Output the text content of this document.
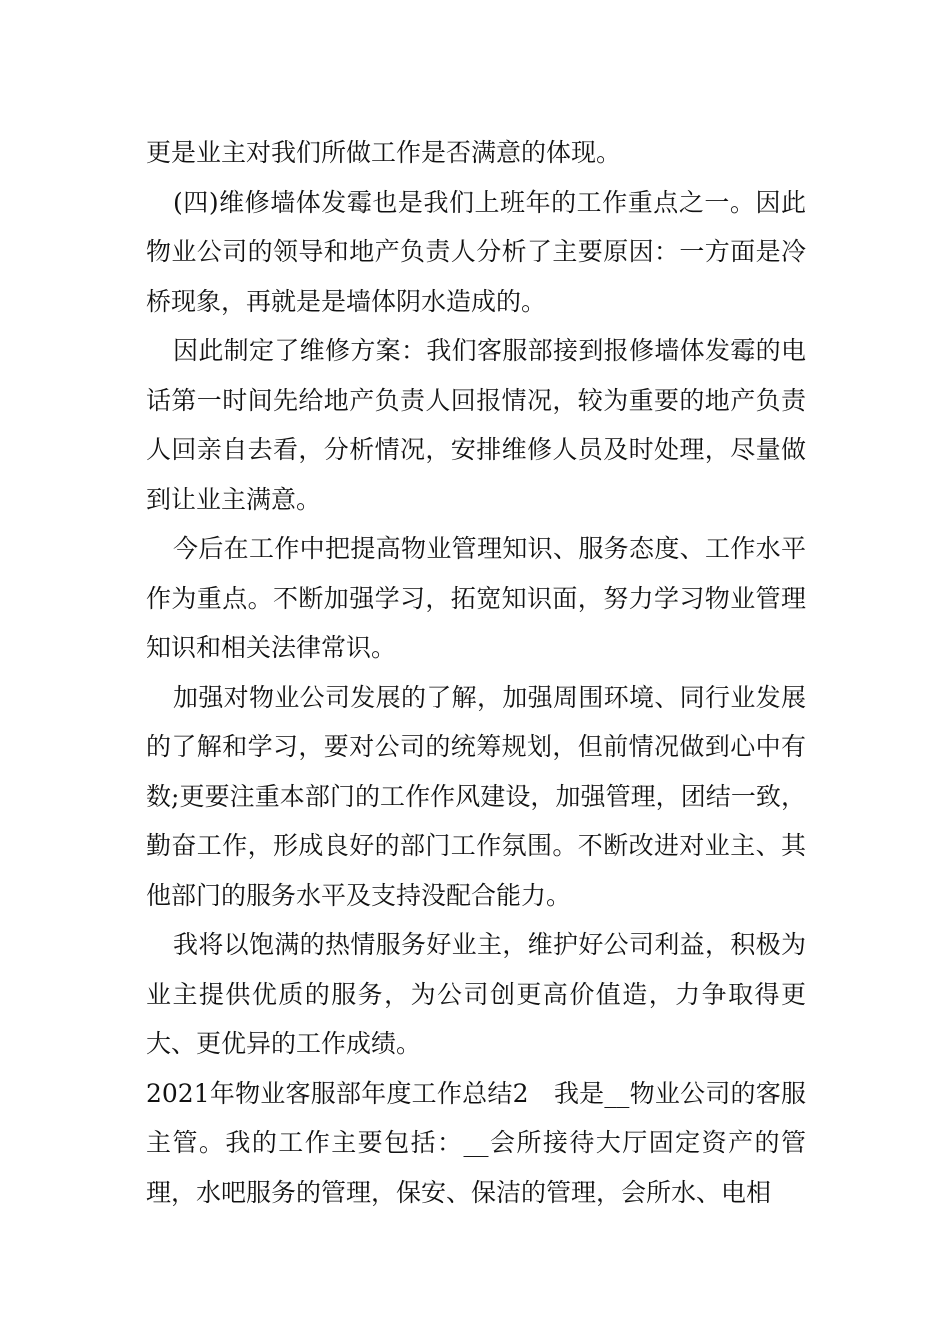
更是业主对我们所做工作是否满意的体现。

(四)维修墙体发霉也是我们上班年的工作重点之一。因此物业公司的领导和地产负责人分析了主要原因：一方面是冷桥现象，再就是是墙体阴水造成的。

因此制定了维修方案：我们客服部接到报修墙体发霉的电话第一时间先给地产负责人回报情况，较为重要的地产负责人回亲自去看，分析情况，安排维修人员及时处理，尽量做到让业主满意。

今后在工作中把提高物业管理知识、服务态度、工作水平作为重点。不断加强学习，拓宽知识面，努力学习物业管理知识和相关法律常识。

加强对物业公司发展的了解，加强周围环境、同行业发展的了解和学习，要对公司的统筹规划，但前情况做到心中有数;更要注重本部门的工作作风建设，加强管理，团结一致，勤奋工作，形成良好的部门工作氛围。不断改进对业主、其他部门的服务水平及支持没配合能力。

我将以饱满的热情服务好业主，维护好公司利益，积极为业主提供优质的服务，为公司创更高价值造，力争取得更大、更优异的工作成绩。

2021年物业客服部年度工作总结2　我是__物业公司的客服主管。我的工作主要包括：__会所接待大厅固定资产的管理，水吧服务的管理，保安、保洁的管理，会所水、电相
